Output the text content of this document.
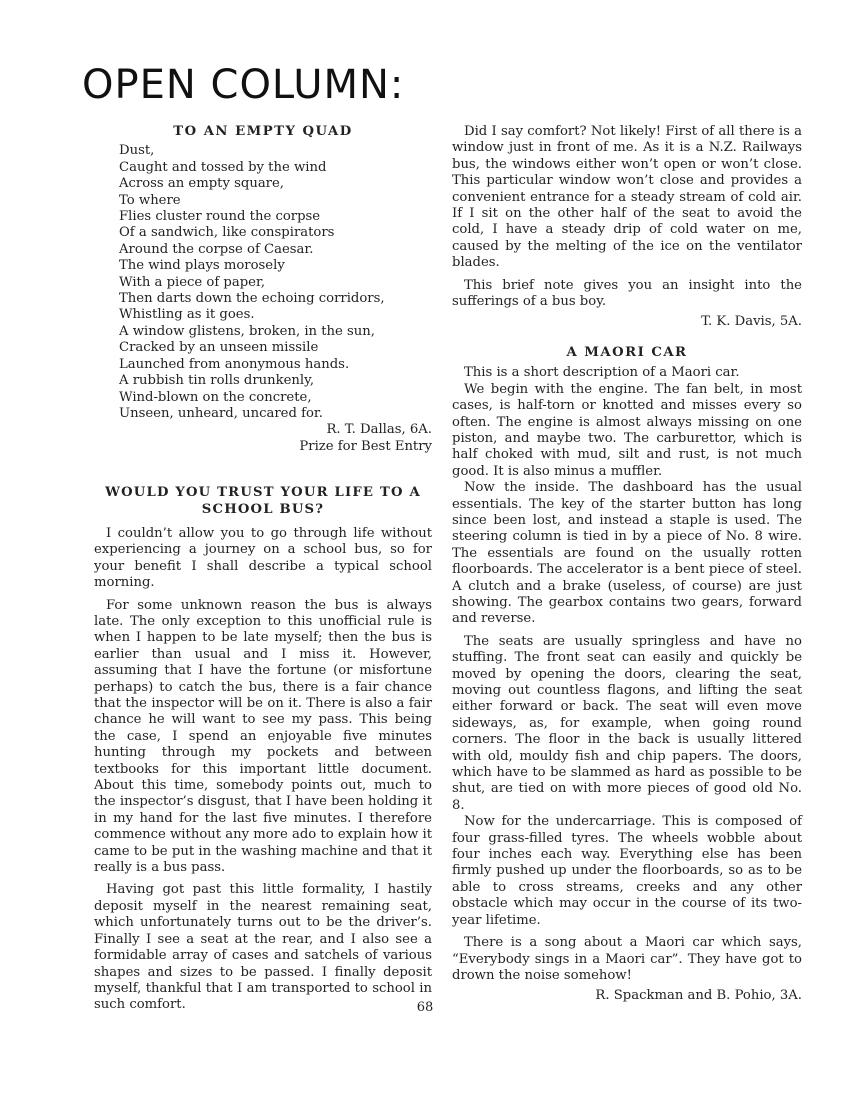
OPEN COLUMN:
TO AN EMPTY QUAD
Dust,
Caught and tossed by the wind
Across an empty square,
To where
Flies cluster round the corpse
Of a sandwich, like conspirators
Around the corpse of Caesar.
The wind plays morosely
With a piece of paper,
Then darts down the echoing corridors,
Whistling as it goes.
A window glistens, broken, in the sun,
Cracked by an unseen missile
Launched from anonymous hands.
A rubbish tin rolls drunkenly,
Wind-blown on the concrete,
Unseen, unheard, uncared for.
R. T. Dallas, 6A.
Prize for Best Entry
WOULD YOU TRUST YOUR LIFE TO A SCHOOL BUS?

I couldn’t allow you to go through life without experiencing a journey on a school bus, so for your benefit I shall describe a typical school morning.

For some unknown reason the bus is always late. The only exception to this unofficial rule is when I happen to be late myself; then the bus is earlier than usual and I miss it. However, assuming that I have the fortune (or misfortune perhaps) to catch the bus, there is a fair chance that the inspector will be on it. There is also a fair chance he will want to see my pass. This being the case, I spend an enjoyable five minutes hunting through my pockets and between textbooks for this important little document. About this time, somebody points out, much to the inspector’s disgust, that I have been holding it in my hand for the last five minutes. I therefore commence without any more ado to explain how it came to be put in the washing machine and that it really is a bus pass.

Having got past this little formality, I hastily deposit myself in the nearest remaining seat, which unfortunately turns out to be the driver’s. Finally I see a seat at the rear, and I also see a formidable array of cases and satchels of various shapes and sizes to be passed. I finally deposit myself, thankful that I am transported to school in such comfort.

Did I say comfort? Not likely! First of all there is a window just in front of me. As it is a N.Z. Railways bus, the windows either won’t open or won’t close. This particular window won’t close and provides a convenient entrance for a steady stream of cold air. If I sit on the other half of the seat to avoid the cold, I have a steady drip of cold water on me, caused by the melting of the ice on the ventilator blades.

This brief note gives you an insight into the sufferings of a bus boy.

T. K. Davis, 5A.
A MAORI CAR

This is a short description of a Maori car.

We begin with the engine. The fan belt, in most cases, is half-torn or knotted and misses every so often. The engine is almost always missing on one piston, and maybe two. The carburettor, which is half choked with mud, silt and rust, is not much good. It is also minus a muffler.

Now the inside. The dashboard has the usual essentials. The key of the starter button has long since been lost, and instead a staple is used. The steering column is tied in by a piece of No. 8 wire. The essentials are found on the usually rotten floorboards. The accelerator is a bent piece of steel. A clutch and a brake (useless, of course) are just showing. The gearbox contains two gears, forward and reverse.

The seats are usually springless and have no stuffing. The front seat can easily and quickly be moved by opening the doors, clearing the seat, moving out countless flagons, and lifting the seat either forward or back. The seat will even move sideways, as, for example, when going round corners. The floor in the back is usually littered with old, mouldy fish and chip papers. The doors, which have to be slammed as hard as possible to be shut, are tied on with more pieces of good old No. 8.

Now for the undercarriage. This is composed of four grass-filled tyres. The wheels wobble about four inches each way. Everything else has been firmly pushed up under the floorboards, so as to be able to cross streams, creeks and any other obstacle which may occur in the course of its two-year lifetime.

There is a song about a Maori car which says, “Everybody sings in a Maori car”. They have got to drown the noise somehow!

R. Spackman and B. Pohio, 3A.
68
